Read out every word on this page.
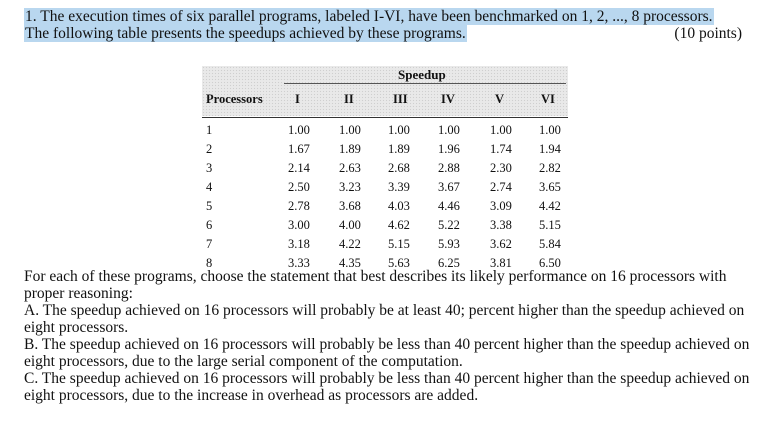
1. The execution times of six parallel programs, labeled I-VI, have been benchmarked on 1, 2, ..., 8 processors.
The following table presents the speedups achieved by these programs.	(10 points)
Speedup
Processors	I	II	III	IV	V	VI
1	1.00 1.00 1.00 1.00 1.00 1.00
2	1.67 1.89 1.89 1.96 1.74 1.94
3	2.14 2.63 2.68 2.88 2.30 2.82
4	2.50 3.23 3.39 3.67 2.74 3.65
5	2.78 3.68 4.03 4.46 3.09 4.42
6	3.00 4.00 4.62 5.22 3.38 5.15
7	3.18 4.22 5.15 5.93 3.62 5.84
8	3.33 4.35 5.63 6.25 3.81 6.50

For each of these programs, choose the statement that best describes its likely performance on 16 processors with proper reasoning:

A. The speedup achieved on 16 processors will probably be at least 40; percent higher than the speedup achieved on eight processors.

B. The speedup achieved on 16 processors will probably be less than 40 percent higher than the speedup achieved on eight processors, due to the large serial component of the computation.

C. The speedup achieved on 16 processors will probably be less than 40 percent higher than the speedup achieved on eight processors, due to the increase in overhead as processors are added.
